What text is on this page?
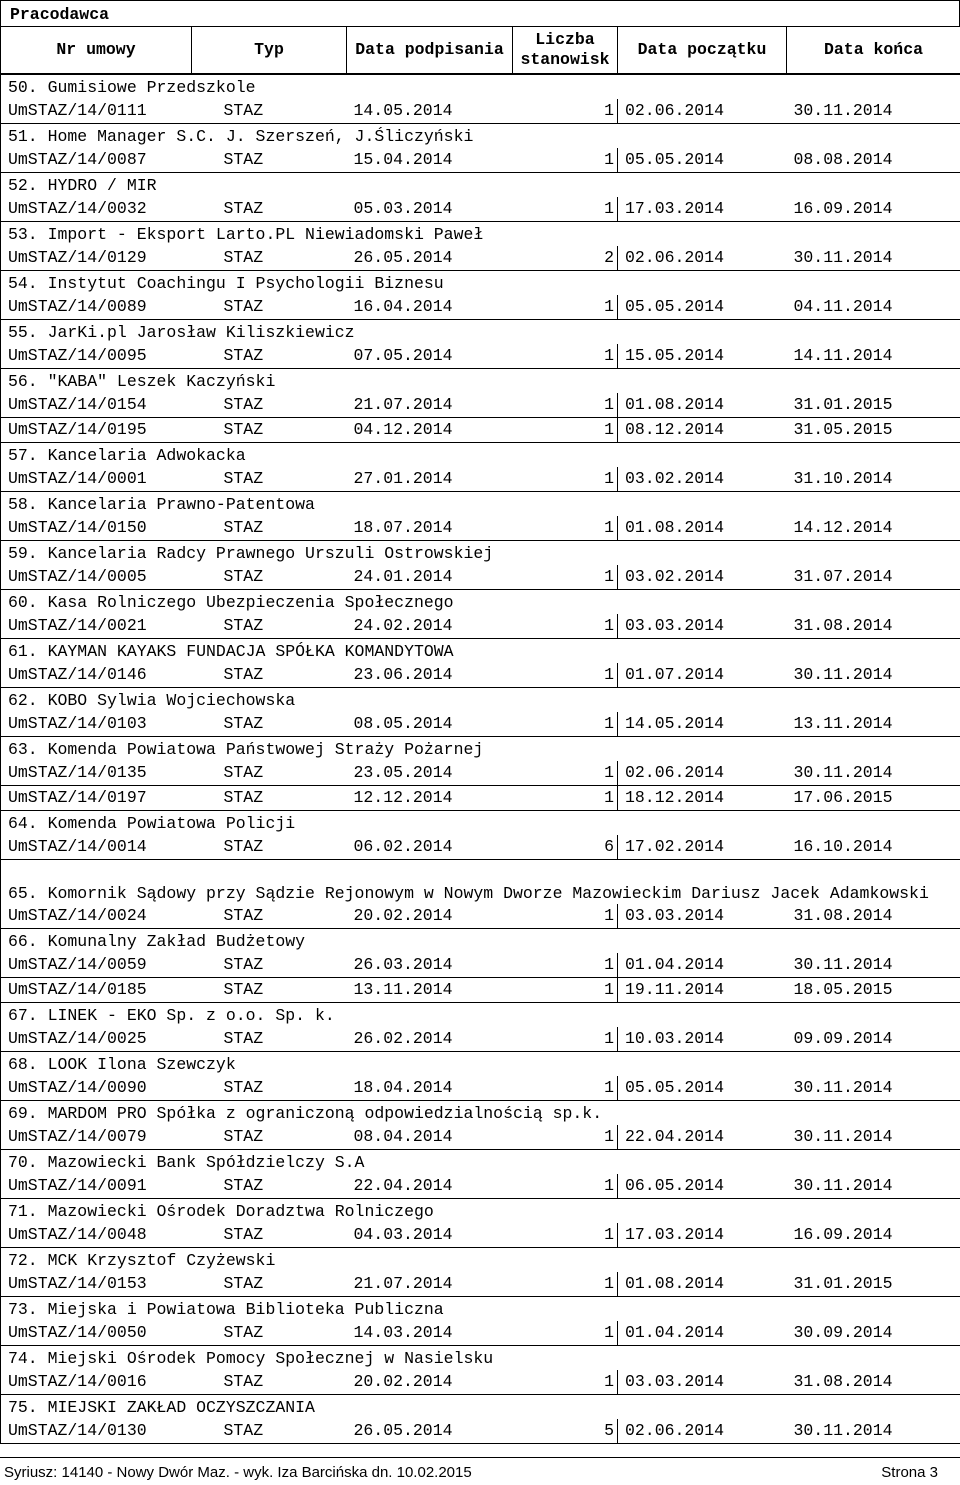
Pracodawca
Nr umowy	Typ	Data podpisania	Liczba stanowisk	Data początku	Data końca
50. Gumisiowe Przedszkole					
UmSTAZ/14/0111	STAZ	14.05.2014	1	02.06.2014	30.11.2014
51. Home Manager S.C. J. Szerszeń, J.Śliczyński					
UmSTAZ/14/0087	STAZ	15.04.2014	1	05.05.2014	08.08.2014
52. HYDRO / MIR					
UmSTAZ/14/0032	STAZ	05.03.2014	1	17.03.2014	16.09.2014
53. Import - Eksport Larto.PL Niewiadomski Paweł					
UmSTAZ/14/0129	STAZ	26.05.2014	2	02.06.2014	30.11.2014
54. Instytut Coachingu I Psychologii Biznesu					
UmSTAZ/14/0089	STAZ	16.04.2014	1	05.05.2014	04.11.2014
55. JarKi.pl Jarosław Kiliszkiewicz					
UmSTAZ/14/0095	STAZ	07.05.2014	1	15.05.2014	14.11.2014
56. "KABA" Leszek Kaczyński					
UmSTAZ/14/0154	STAZ	21.07.2014	1	01.08.2014	31.01.2015
UmSTAZ/14/0195	STAZ	04.12.2014	1	08.12.2014	31.05.2015
57. Kancelaria Adwokacka					
UmSTAZ/14/0001	STAZ	27.01.2014	1	03.02.2014	31.10.2014
58. Kancelaria Prawno-Patentowa					
UmSTAZ/14/0150	STAZ	18.07.2014	1	01.08.2014	14.12.2014
59. Kancelaria Radcy Prawnego Urszuli Ostrowskiej					
UmSTAZ/14/0005	STAZ	24.01.2014	1	03.02.2014	31.07.2014
60. Kasa Rolniczego Ubezpieczenia Społecznego					
UmSTAZ/14/0021	STAZ	24.02.2014	1	03.03.2014	31.08.2014
61. KAYMAN KAYAKS FUNDACJA SPÓŁKA KOMANDYTOWA					
UmSTAZ/14/0146	STAZ	23.06.2014	1	01.07.2014	30.11.2014
62. KOBO Sylwia Wojciechowska					
UmSTAZ/14/0103	STAZ	08.05.2014	1	14.05.2014	13.11.2014
63. Komenda Powiatowa Państwowej Straży Pożarnej					
UmSTAZ/14/0135	STAZ	23.05.2014	1	02.06.2014	30.11.2014
UmSTAZ/14/0197	STAZ	12.12.2014	1	18.12.2014	17.06.2015
64. Komenda Powiatowa Policji					
UmSTAZ/14/0014	STAZ	06.02.2014	6	17.02.2014	16.10.2014
65. Komornik Sądowy przy Sądzie Rejonowym w Nowym Dworze Mazowieckim Dariusz Jacek Adamkowski					
UmSTAZ/14/0024	STAZ	20.02.2014	1	03.03.2014	31.08.2014
66. Komunalny Zakład Budżetowy					
UmSTAZ/14/0059	STAZ	26.03.2014	1	01.04.2014	30.11.2014
UmSTAZ/14/0185	STAZ	13.11.2014	1	19.11.2014	18.05.2015
67. LINEK - EKO Sp. z o.o. Sp. k.					
UmSTAZ/14/0025	STAZ	26.02.2014	1	10.03.2014	09.09.2014
68. LOOK Ilona Szewczyk					
UmSTAZ/14/0090	STAZ	18.04.2014	1	05.05.2014	30.11.2014
69. MARDOM PRO Spółka z ograniczoną odpowiedzialnością sp.k.					
UmSTAZ/14/0079	STAZ	08.04.2014	1	22.04.2014	30.11.2014
70. Mazowiecki Bank Spółdzielczy S.A					
UmSTAZ/14/0091	STAZ	22.04.2014	1	06.05.2014	30.11.2014
71. Mazowiecki Ośrodek Doradztwa Rolniczego					
UmSTAZ/14/0048	STAZ	04.03.2014	1	17.03.2014	16.09.2014
72. MCK Krzysztof Czyżewski					
UmSTAZ/14/0153	STAZ	21.07.2014	1	01.08.2014	31.01.2015
73. Miejska i Powiatowa Biblioteka Publiczna					
UmSTAZ/14/0050	STAZ	14.03.2014	1	01.04.2014	30.09.2014
74. Miejski Ośrodek Pomocy Społecznej w Nasielsku					
UmSTAZ/14/0016	STAZ	20.02.2014	1	03.03.2014	31.08.2014
75. MIEJSKI ZAKŁAD OCZYSZCZANIA					
UmSTAZ/14/0130	STAZ	26.05.2014	5	02.06.2014	30.11.2014
Syriusz: 14140 - Nowy Dwór Maz. - wyk. Iza Barcińska dn. 10.02.2015	Strona 3
